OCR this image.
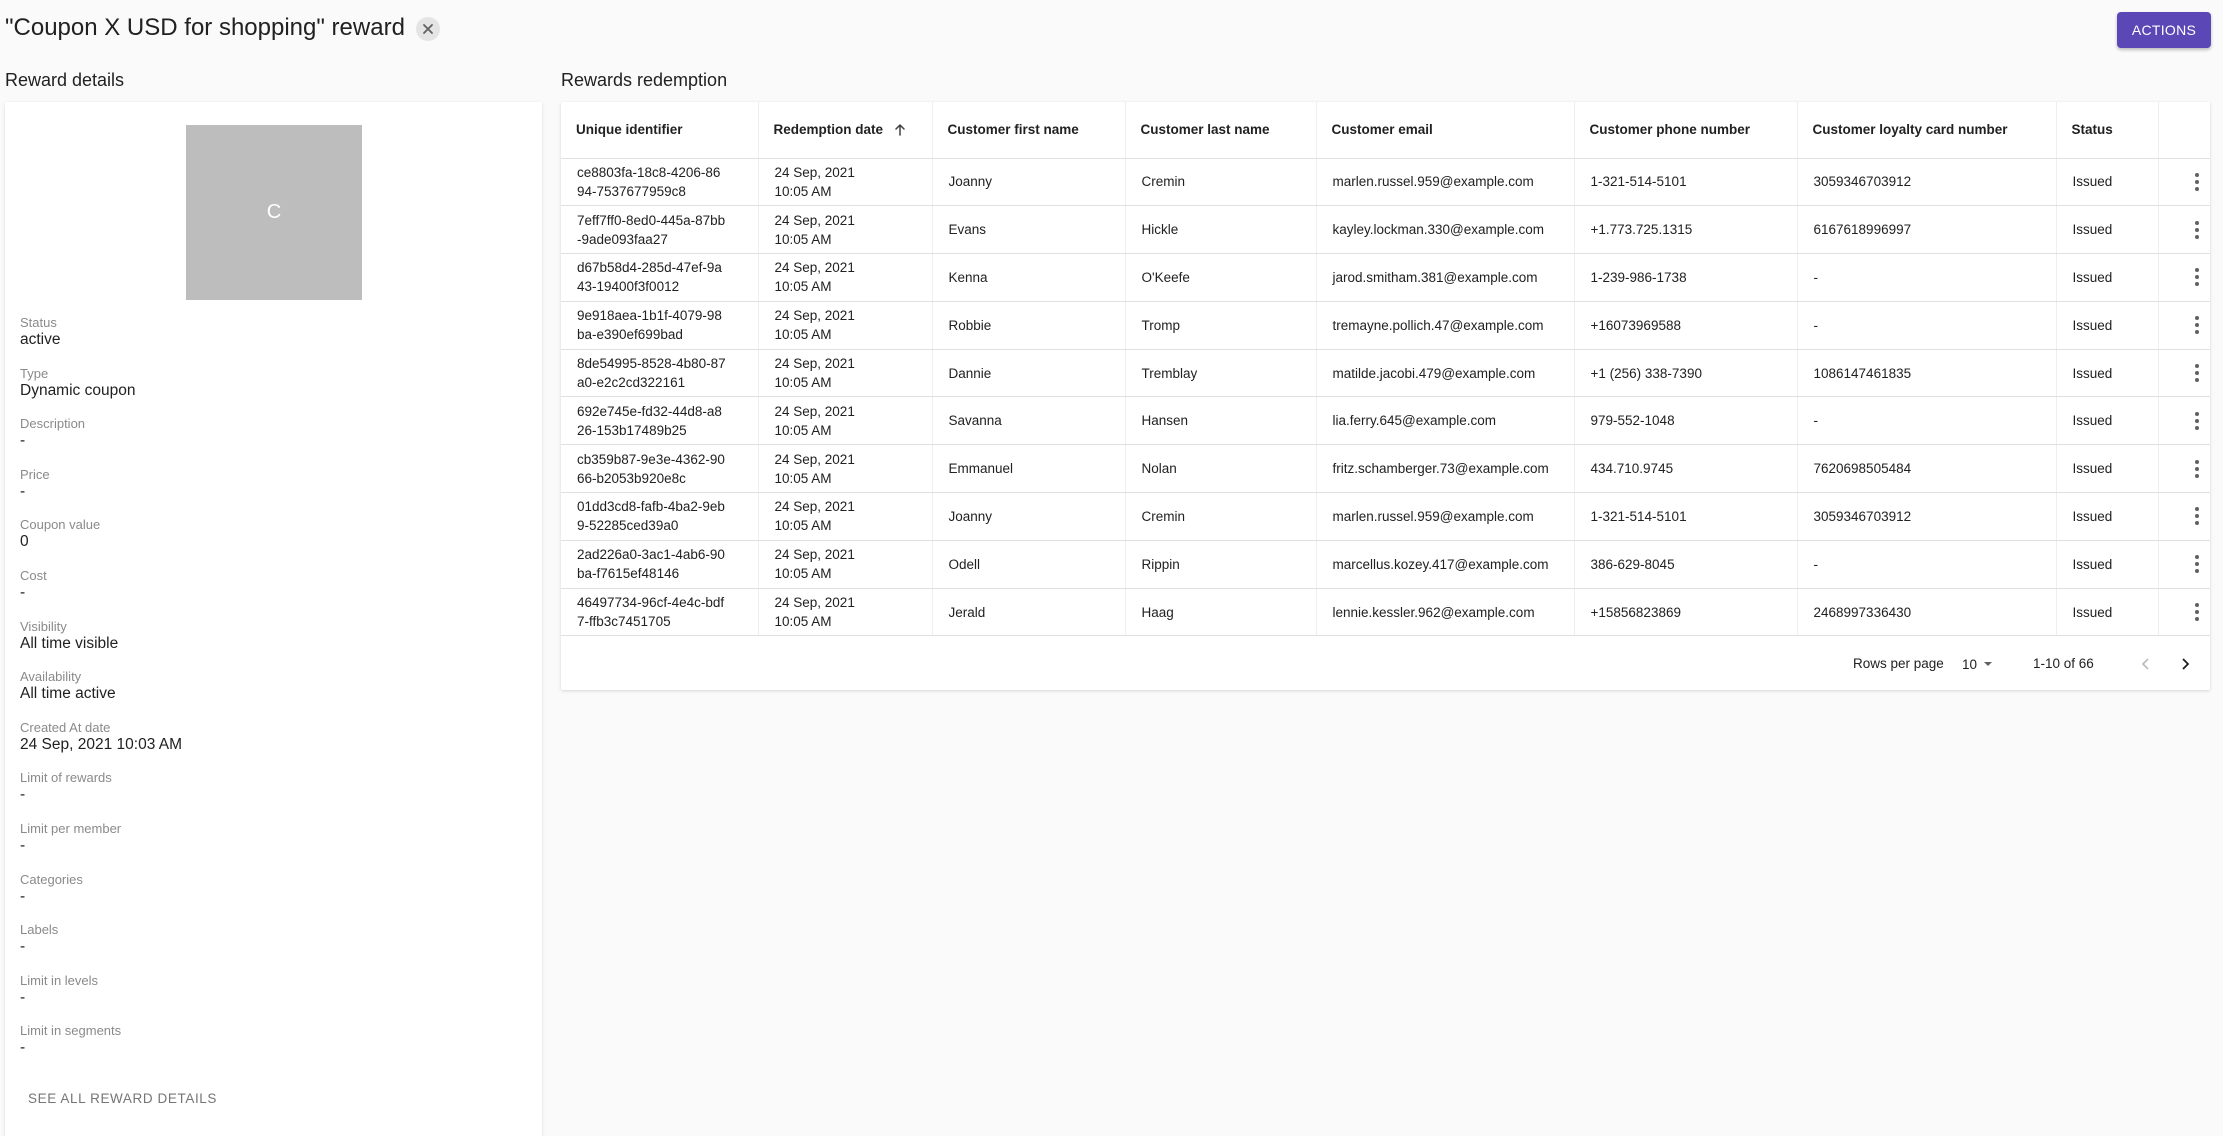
"Coupon X USD for shopping" reward	ACTIONS
Reward details	Rewards redemption
C
Status
active
Type
Dynamic coupon
Description
-
Price
-
Coupon value
0
Cost
-
Visibility
All time visible
Availability
All time active
Created At date
24 Sep, 2021 10:03 AM
Limit of rewards
-
Limit per member
-
Categories
-
Labels
-
Limit in levels
-
Limit in segments
-
SEE ALL REWARD DETAILS
Unique identifier	Redemption date	Customer first name	Customer last name	Customer email	Customer phone number	Customer loyalty card number	Status	
ce8803fa-18c8-4206-8694-7537677959c8	24 Sep, 2021 10:05 AM	Joanny	Cremin	marlen.russel.959@example.com	1-321-514-5101	3059346703912	Issued	

7eff7ff0-8ed0-445a-87bb-9ade093faa27	24 Sep, 2021 10:05 AM	Evans	Hickle	kayley.lockman.330@example.com	+1.773.725.1315	6167618996997	Issued	

d67b58d4-285d-47ef-9a43-19400f3f0012	24 Sep, 2021 10:05 AM	Kenna	O'Keefe	jarod.smitham.381@example.com	1-239-986-1738	-	Issued	

9e918aea-1b1f-4079-98ba-e390ef699bad	24 Sep, 2021 10:05 AM	Robbie	Tromp	tremayne.pollich.47@example.com	+16073969588	-	Issued	

8de54995-8528-4b80-87a0-e2c2cd322161	24 Sep, 2021 10:05 AM	Dannie	Tremblay	matilde.jacobi.479@example.com	+1 (256) 338-7390	1086147461835	Issued	

692e745e-fd32-44d8-a826-153b17489b25	24 Sep, 2021 10:05 AM	Savanna	Hansen	lia.ferry.645@example.com	979-552-1048	-	Issued	

cb359b87-9e3e-4362-9066-b2053b920e8c	24 Sep, 2021 10:05 AM	Emmanuel	Nolan	fritz.schamberger.73@example.com	434.710.9745	7620698505484	Issued	

01dd3cd8-fafb-4ba2-9eb9-52285ced39a0	24 Sep, 2021 10:05 AM	Joanny	Cremin	marlen.russel.959@example.com	1-321-514-5101	3059346703912	Issued	

2ad226a0-3ac1-4ab6-90ba-f7615ef48146	24 Sep, 2021 10:05 AM	Odell	Rippin	marcellus.kozey.417@example.com	386-629-8045	-	Issued	

46497734-96cf-4e4c-bdf7-ffb3c7451705	24 Sep, 2021 10:05 AM	Jerald	Haag	lennie.kessler.962@example.com	+15856823869	2468997336430	Issued	
Rows per page 10	1-10 of 66
